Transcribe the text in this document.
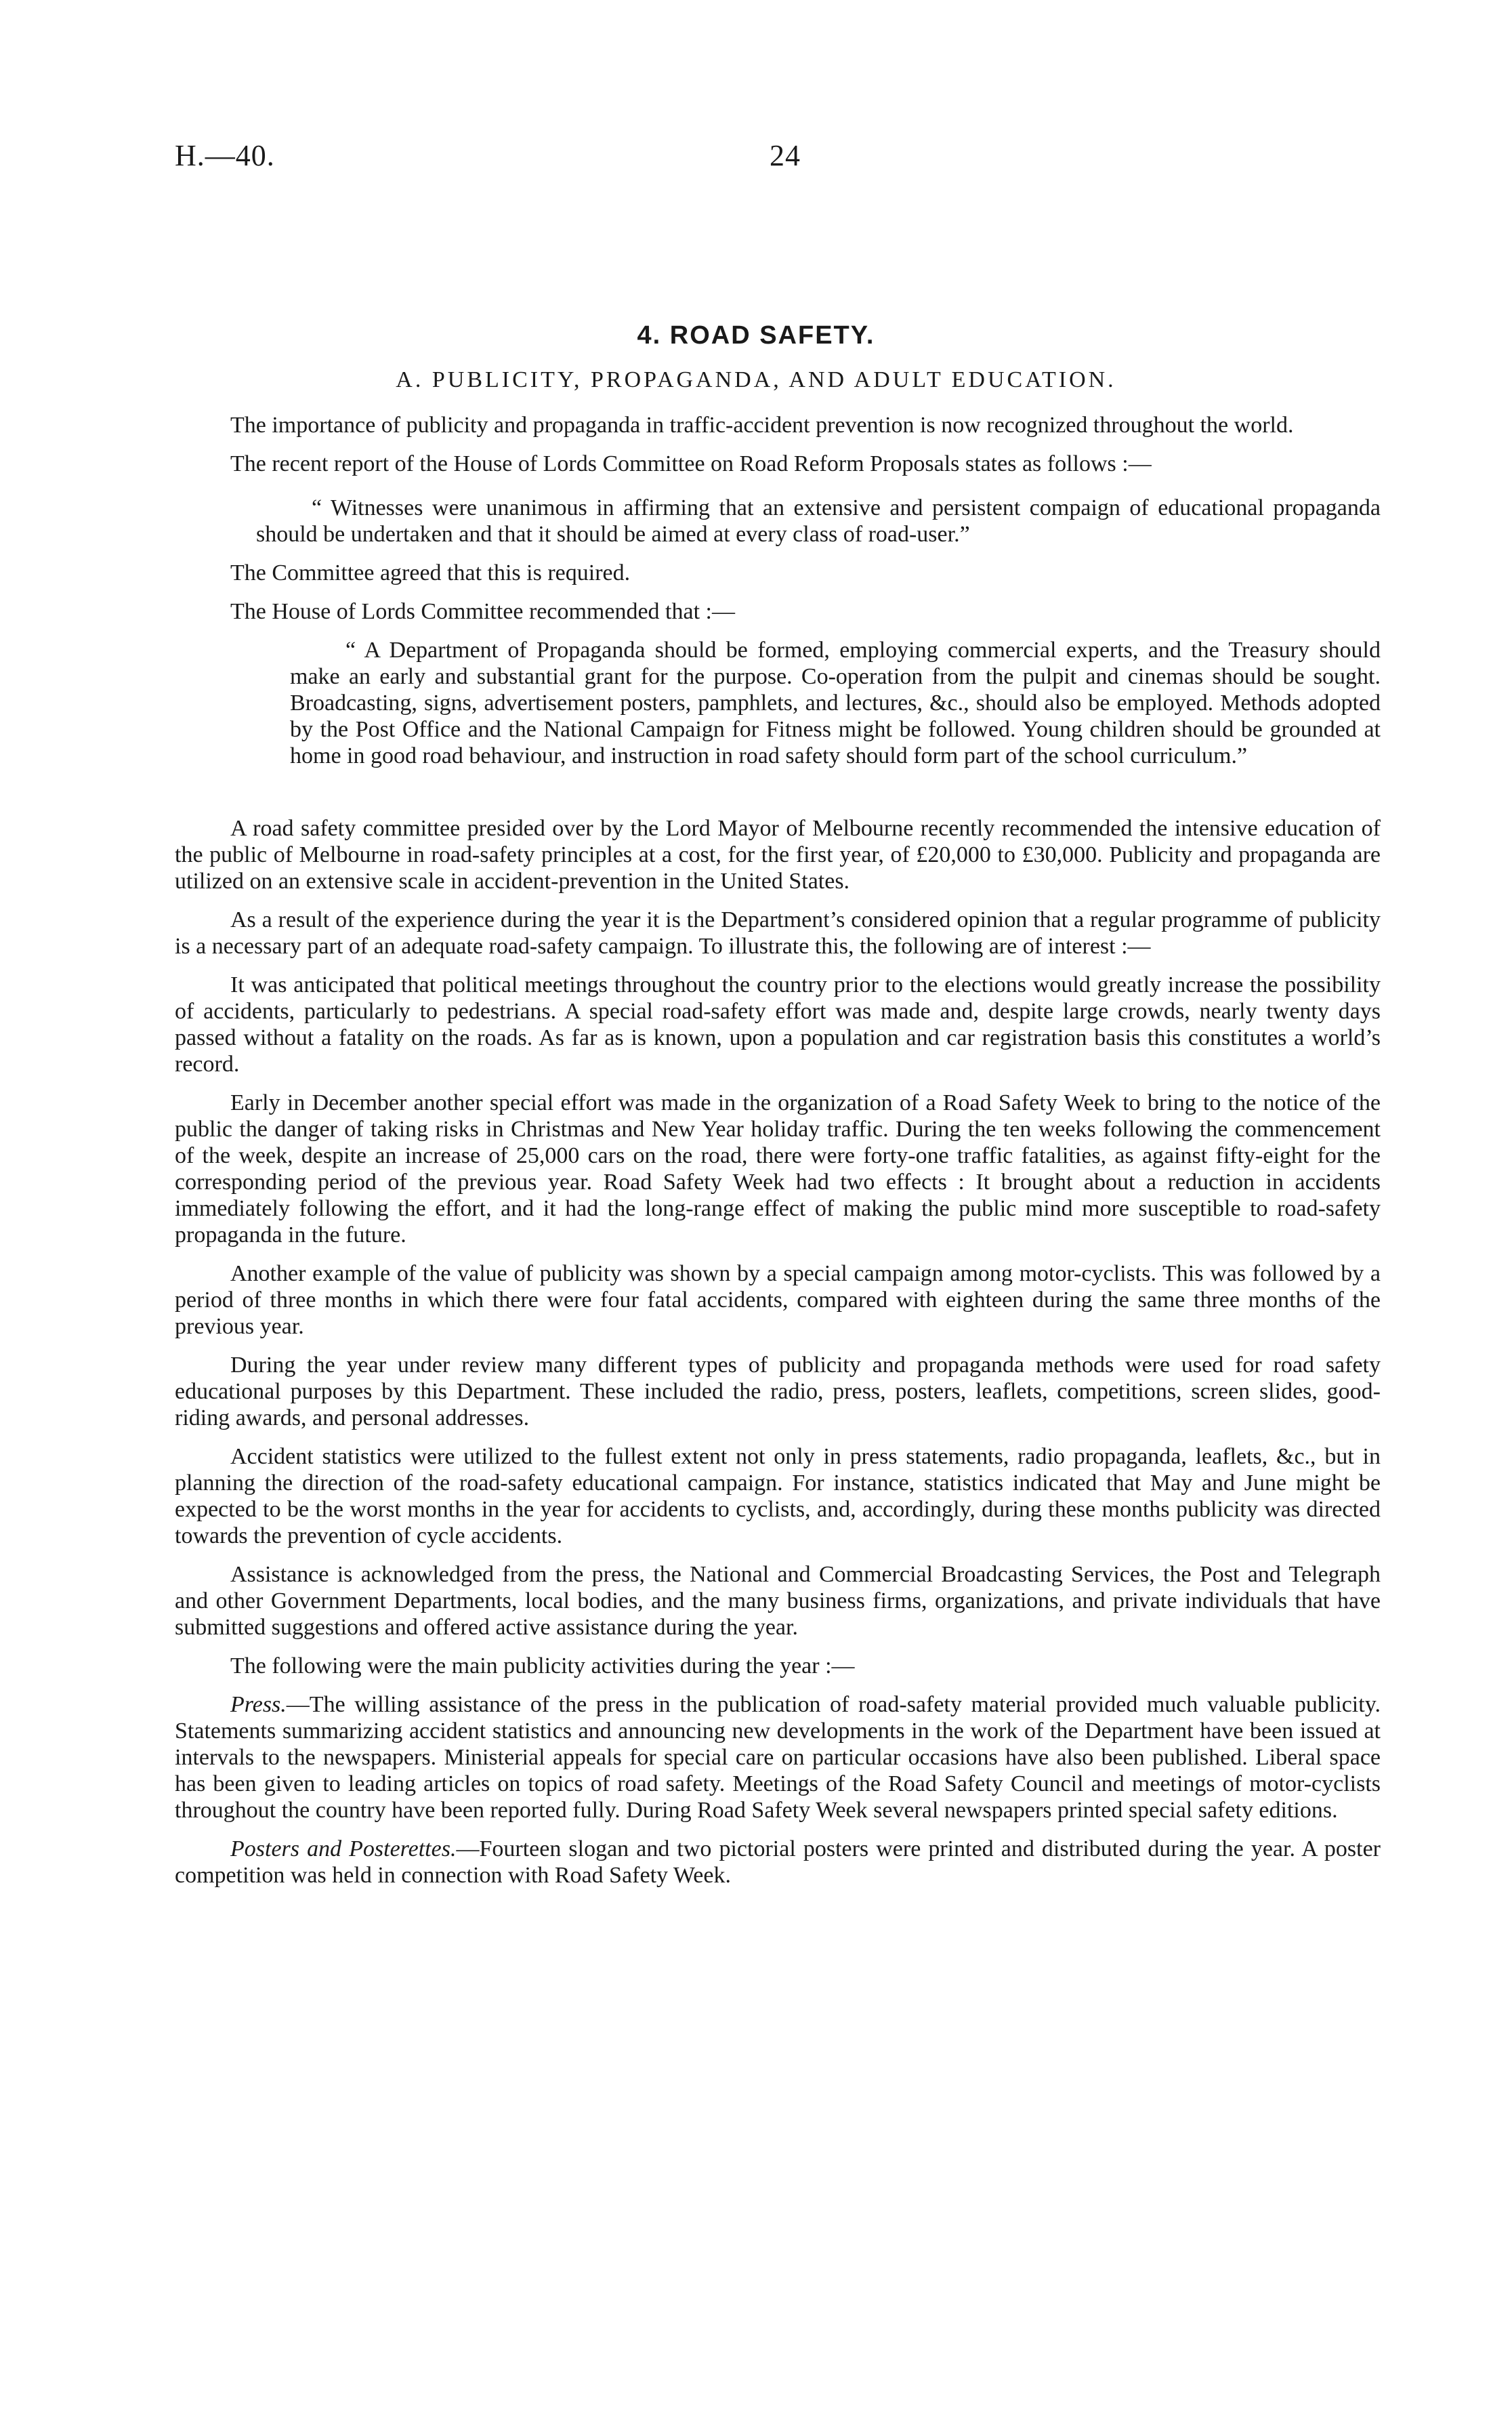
H.—40.	24
4. ROAD SAFETY.
A. PUBLICITY, PROPAGANDA, AND ADULT EDUCATION.

The importance of publicity and propaganda in traffic-accident prevention is now recognized throughout the world.

The recent report of the House of Lords Committee on Road Reform Proposals states as follows :—

“ Witnesses were unanimous in affirming that an extensive and persistent compaign of educational propaganda should be undertaken and that it should be aimed at every class of road-user.”

The Committee agreed that this is required.

The House of Lords Committee recommended that :—

“ A Department of Propaganda should be formed, employing commercial experts, and the Treasury should make an early and substantial grant for the purpose. Co-operation from the pulpit and cinemas should be sought. Broadcasting, signs, advertisement posters, pamphlets, and lectures, &c., should also be employed. Methods adopted by the Post Office and the National Campaign for Fitness might be followed. Young children should be grounded at home in good road behaviour, and instruction in road safety should form part of the school curriculum.”

A road safety committee presided over by the Lord Mayor of Melbourne recently recommended the intensive education of the public of Melbourne in road-safety principles at a cost, for the first year, of £20,000 to £30,000. Publicity and propaganda are utilized on an extensive scale in accident-prevention in the United States.

As a result of the experience during the year it is the Department’s considered opinion that a regular programme of publicity is a necessary part of an adequate road-safety campaign. To illustrate this, the following are of interest :—

It was anticipated that political meetings throughout the country prior to the elections would greatly increase the possibility of accidents, particularly to pedestrians. A special road-safety effort was made and, despite large crowds, nearly twenty days passed without a fatality on the roads. As far as is known, upon a population and car registration basis this constitutes a world’s record.

Early in December another special effort was made in the organization of a Road Safety Week to bring to the notice of the public the danger of taking risks in Christmas and New Year holiday traffic. During the ten weeks following the commencement of the week, despite an increase of 25,000 cars on the road, there were forty-one traffic fatalities, as against fifty-eight for the corresponding period of the previous year. Road Safety Week had two effects : It brought about a reduction in accidents immediately following the effort, and it had the long-range effect of making the public mind more susceptible to road-safety propaganda in the future.

Another example of the value of publicity was shown by a special campaign among motor-cyclists. This was followed by a period of three months in which there were four fatal accidents, compared with eighteen during the same three months of the previous year.

During the year under review many different types of publicity and propaganda methods were used for road safety educational purposes by this Department. These included the radio, press, posters, leaflets, competitions, screen slides, good-riding awards, and personal addresses.

Accident statistics were utilized to the fullest extent not only in press statements, radio propaganda, leaflets, &c., but in planning the direction of the road-safety educational campaign. For instance, statistics indicated that May and June might be expected to be the worst months in the year for accidents to cyclists, and, accordingly, during these months publicity was directed towards the prevention of cycle accidents.

Assistance is acknowledged from the press, the National and Commercial Broadcasting Services, the Post and Telegraph and other Government Departments, local bodies, and the many business firms, organizations, and private individuals that have submitted suggestions and offered active assistance during the year.

The following were the main publicity activities during the year :—

Press.—The willing assistance of the press in the publication of road-safety material provided much valuable publicity. Statements summarizing accident statistics and announcing new developments in the work of the Department have been issued at intervals to the newspapers. Ministerial appeals for special care on particular occasions have also been published. Liberal space has been given to leading articles on topics of road safety. Meetings of the Road Safety Council and meetings of motor-cyclists throughout the country have been reported fully. During Road Safety Week several newspapers printed special safety editions.

Posters and Posterettes.—Fourteen slogan and two pictorial posters were printed and distributed during the year. A poster competition was held in connection with Road Safety Week.
